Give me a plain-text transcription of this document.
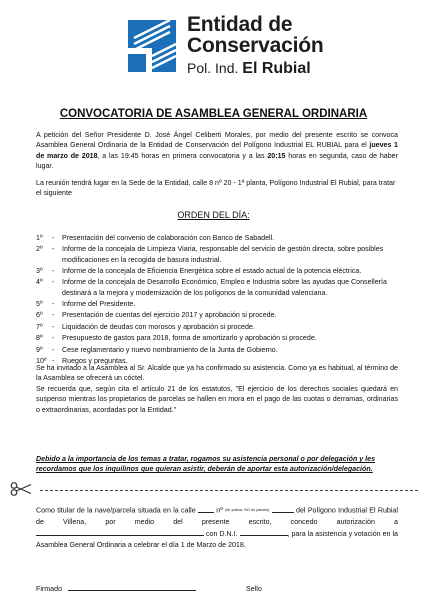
Entidad de
Conservación
Pol. Ind. El Rubial
CONVOCATORIA DE ASAMBLEA GENERAL ORDINARIA

A petición del Señor Presidente D. José Ángel Celiberti Morales, por medio del presente escrito se convoca Asamblea General Ordinaria de la Entidad de Conservación del Polígono Industrial EL RUBIAL para el jueves 1 de marzo de 2018, a las 19:45 horas en primera convocatoria y a las 20:15 horas en segunda, caso de haber lugar.

La reunión tendrá lugar en la Sede de la Entidad, calle 8 nº 20 - 1ª planta, Polígono Industrial El Rubial, para tratar el siguiente

ORDEN DEL DÍA:
1º	-	Presentación del convenio de colaboración con Banco de Sabadell.
2º	-	Informe de la concejala de Limpieza Viaria, responsable del servicio de gestión directa, sobre posibles modificaciones en la recogida de basura industrial.
3º	-	Informe de la concejala de Eficiencia Energética sobre el estado actual de la potencia eléctrica.
4º	-	Informe de la concejala de Desarrollo Económico, Empleo e Industria sobre las ayudas que Consellería destinará a la mejora y modernización de los polígonos de la comunidad valenciana.
5º	-	Informe del Presidente.
6º	-	Presentación de cuentas del ejercicio 2017 y aprobación si procede.
7º	-	Liquidación de deudas con morosos y aprobación si procede.
8º	-	Presupuesto de gastos para 2018, forma de amortizarlo y aprobación si procede.
9º	-	Cese reglamentario y nuevo nombramiento de la Junta de Gobierno.
10º -	Ruegos y preguntas.

Se ha invitado a la Asamblea al Sr. Alcalde que ya ha confirmado su asistencia. Como ya es habitual, al término de la Asamblea se ofrecerá un cóctel.

Se recuerda que, según cita el artículo 21 de los estatutos, "El ejercicio de los derechos sociales quedará en suspenso mientras los propietarios de parcelas se hallen en mora en el pago de las cuotas o derramas, ordinarias o extraordinarias, acordadas por la Entidad."

Debido a la importancia de los temas a tratar, rogamos su asistencia personal o por delegación y les recordamos que los inquilinos que quieran asistir, deberán de aportar esta autorización/delegación.

Como titular de la nave/parcela situada en la calle	nº (de policía, NO de parcela)	del Polígono Industrial El Rubial de Villena, por medio del presente escrito, concedo autorización a  con D.N.I.	, para la asistencia y votación en la Asamblea General Ordinaria a celebrar el día 1 de Marzo de 2018.
Firmado	Sello
